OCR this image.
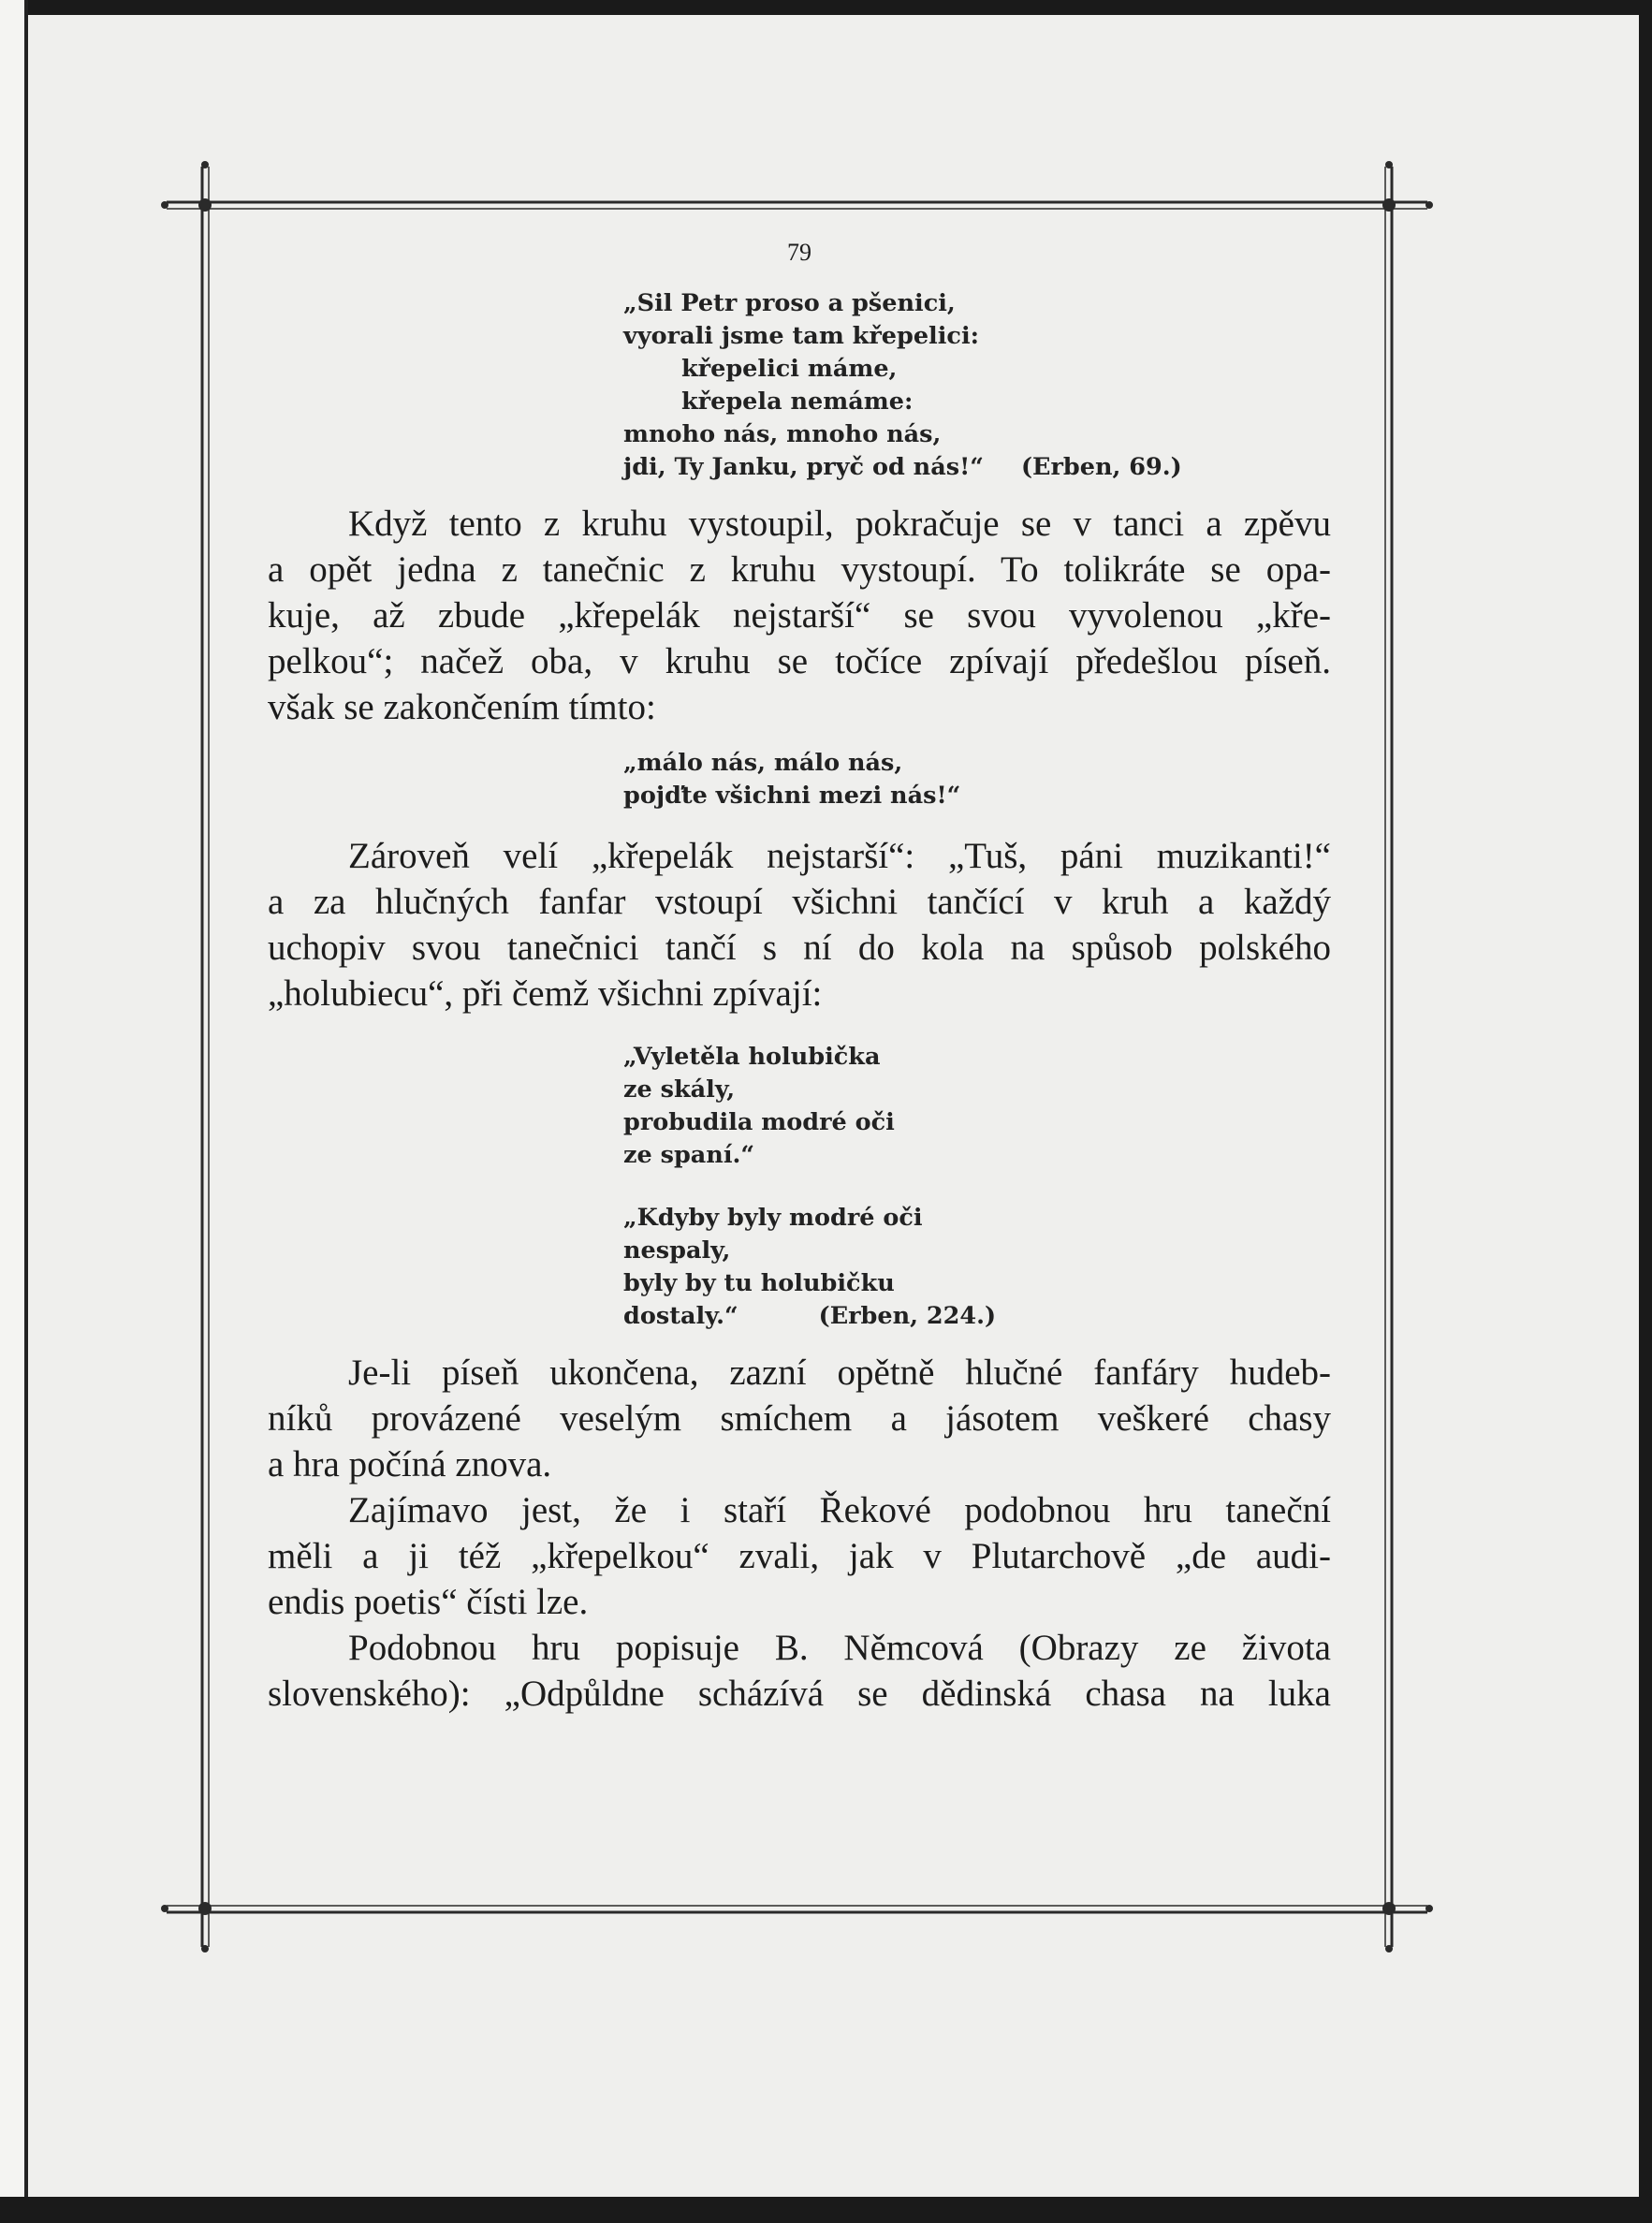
79
„Sil Petr proso a pšenici,
vyorali jsme tam křepelici:
křepelici máme,
křepela nemáme:
mnoho nás, mnoho nás,
jdi, Ty Janku, pryč od nás!“ (Erben, 69.)

Když tento z kruhu vystoupil, pokračuje se v tanci a zpěvu

a opět jedna z tanečnic z kruhu vystoupí. To tolikráte se opa-

kuje, až zbude „křepelák nejstarší“ se svou vyvolenou „kře-

pelkou“; načež oba, v kruhu se točíce zpívají předešlou píseň.

však se zakončením tímto:

„málo nás, málo nás,
pojďte všichni mezi nás!“

Zároveň velí „křepelák nejstarší“: „Tuš, páni muzikanti!“

a za hlučných fanfar vstoupí všichni tančící v kruh a každý

uchopiv svou tanečnici tančí s ní do kola na spůsob polského

„holubiecu“, při čemž všichni zpívají:

„Vyletěla holubička
ze skály,
probudila modré oči
ze spaní.“
„Kdyby byly modré oči
nespaly,
byly by tu holubičku
dostaly.“	(Erben, 224.)

Je-li píseň ukončena, zazní opětně hlučné fanfáry hudeb-

níků provázené veselým smíchem a jásotem veškeré chasy

a hra počíná znova.

Zajímavo jest, že i staří Řekové podobnou hru taneční

měli a ji též „křepelkou“ zvali, jak v Plutarchově „de audi-

endis poetis“ čísti lze.

Podobnou hru popisuje B. Němcová (Obrazy ze života

slovenského): „Odpůldne scházívá se dědinská chasa na luka
